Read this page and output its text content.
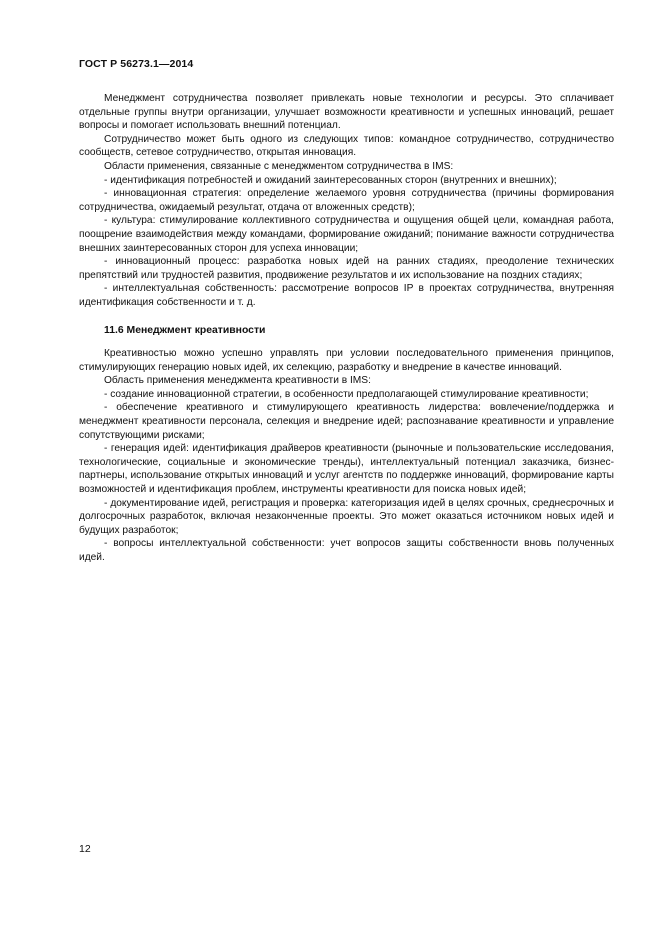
ГОСТ Р 56273.1—2014

Менеджмент сотрудничества позволяет привлекать новые технологии и ресурсы. Это сплачивает отдельные группы внутри организации, улучшает возможности креативности и успешных инноваций, решает вопросы и помогает использовать внешний потенциал.

Сотрудничество может быть одного из следующих типов: командное сотрудничество, сотрудничество сообществ, сетевое сотрудничество, открытая инновация.

Области применения, связанные с менеджментом сотрудничества в IMS:

- идентификация потребностей и ожиданий заинтересованных сторон (внутренних и внешних);

- инновационная стратегия: определение желаемого уровня сотрудничества (причины формирования сотрудничества, ожидаемый результат, отдача от вложенных средств);

- культура: стимулирование коллективного сотрудничества и ощущения общей цели, командная работа, поощрение взаимодействия между командами, формирование ожиданий; понимание важности сотрудничества внешних заинтересованных сторон для успеха инновации;

- инновационный процесс: разработка новых идей на ранних стадиях, преодоление технических препятствий или трудностей развития, продвижение результатов и их использование на поздних стадиях;

- интеллектуальная собственность: рассмотрение вопросов IP в проектах сотрудничества, внутренняя идентификация собственности и т. д.

11.6 Менеджмент креативности

Креативностью можно успешно управлять при условии последовательного применения принципов, стимулирующих генерацию новых идей, их селекцию, разработку и внедрение в качестве инноваций.

Область применения менеджмента креативности в IMS:

- создание инновационной стратегии, в особенности предполагающей стимулирование креативности;

- обеспечение креативного и стимулирующего креативность лидерства: вовлечение/поддержка и менеджмент креативности персонала, селекция и внедрение идей; распознавание креативности и управление сопутствующими рисками;

- генерация идей: идентификация драйверов креативности (рыночные и пользовательские исследования, технологические, социальные и экономические тренды), интеллектуальный потенциал заказчика, бизнес-партнеры, использование открытых инноваций и услуг агентств по поддержке инноваций, формирование карты возможностей и идентификация проблем, инструменты креативности для поиска новых идей;

- документирование идей, регистрация и проверка: категоризация идей в целях срочных, среднесрочных и долгосрочных разработок, включая незаконченные проекты. Это может оказаться источником новых идей и будущих разработок;

- вопросы интеллектуальной собственности: учет вопросов защиты собственности вновь полученных идей.

12
